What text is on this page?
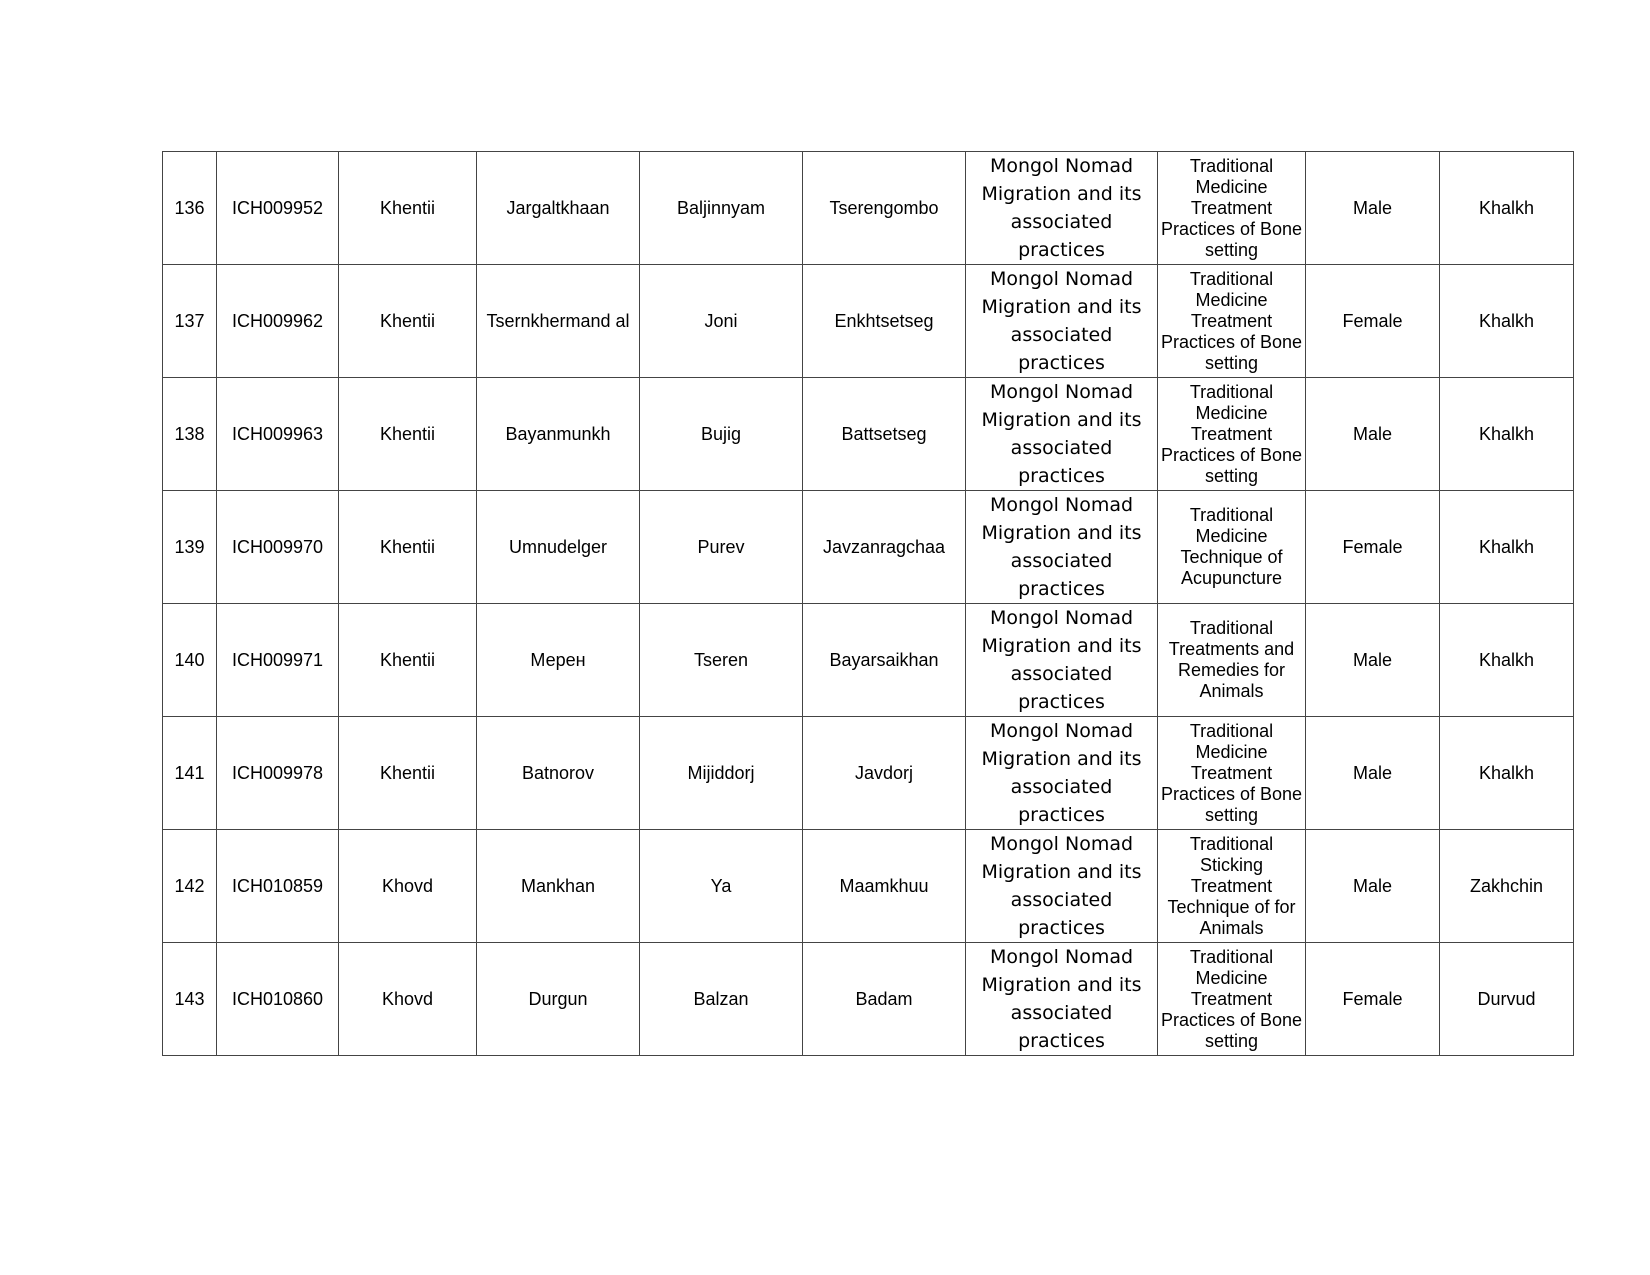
136	ICH009952	Khentii	Jargaltkhaan	Baljinnyam	Tserengombo	Mongol Nomad Migration and its associated practices	Traditional Medicine Treatment Practices of Bone setting	Male	Khalkh
137	ICH009962	Khentii	Tsernkhermand al	Joni	Enkhtsetseg	Mongol Nomad Migration and its associated practices	Traditional Medicine Treatment Practices of Bone setting	Female	Khalkh
138	ICH009963	Khentii	Bayanmunkh	Bujig	Battsetseg	Mongol Nomad Migration and its associated practices	Traditional Medicine Treatment Practices of Bone setting	Male	Khalkh
139	ICH009970	Khentii	Umnudelger	Purev	Javzanragchaa	Mongol Nomad Migration and its associated practices	Traditional Medicine Technique of Acupuncture	Female	Khalkh
140	ICH009971	Khentii	Мерен	Tseren	Bayarsaikhan	Mongol Nomad Migration and its associated practices	Traditional Treatments and Remedies for Animals	Male	Khalkh
141	ICH009978	Khentii	Batnorov	Mijiddorj	Javdorj	Mongol Nomad Migration and its associated practices	Traditional Medicine Treatment Practices of Bone setting	Male	Khalkh
142	ICH010859	Khovd	Mankhan	Ya	Maamkhuu	Mongol Nomad Migration and its associated practices	Traditional Sticking Treatment Technique of for Animals	Male	Zakhchin
143	ICH010860	Khovd	Durgun	Balzan	Badam	Mongol Nomad Migration and its associated practices	Traditional Medicine Treatment Practices of Bone setting	Female	Durvud
